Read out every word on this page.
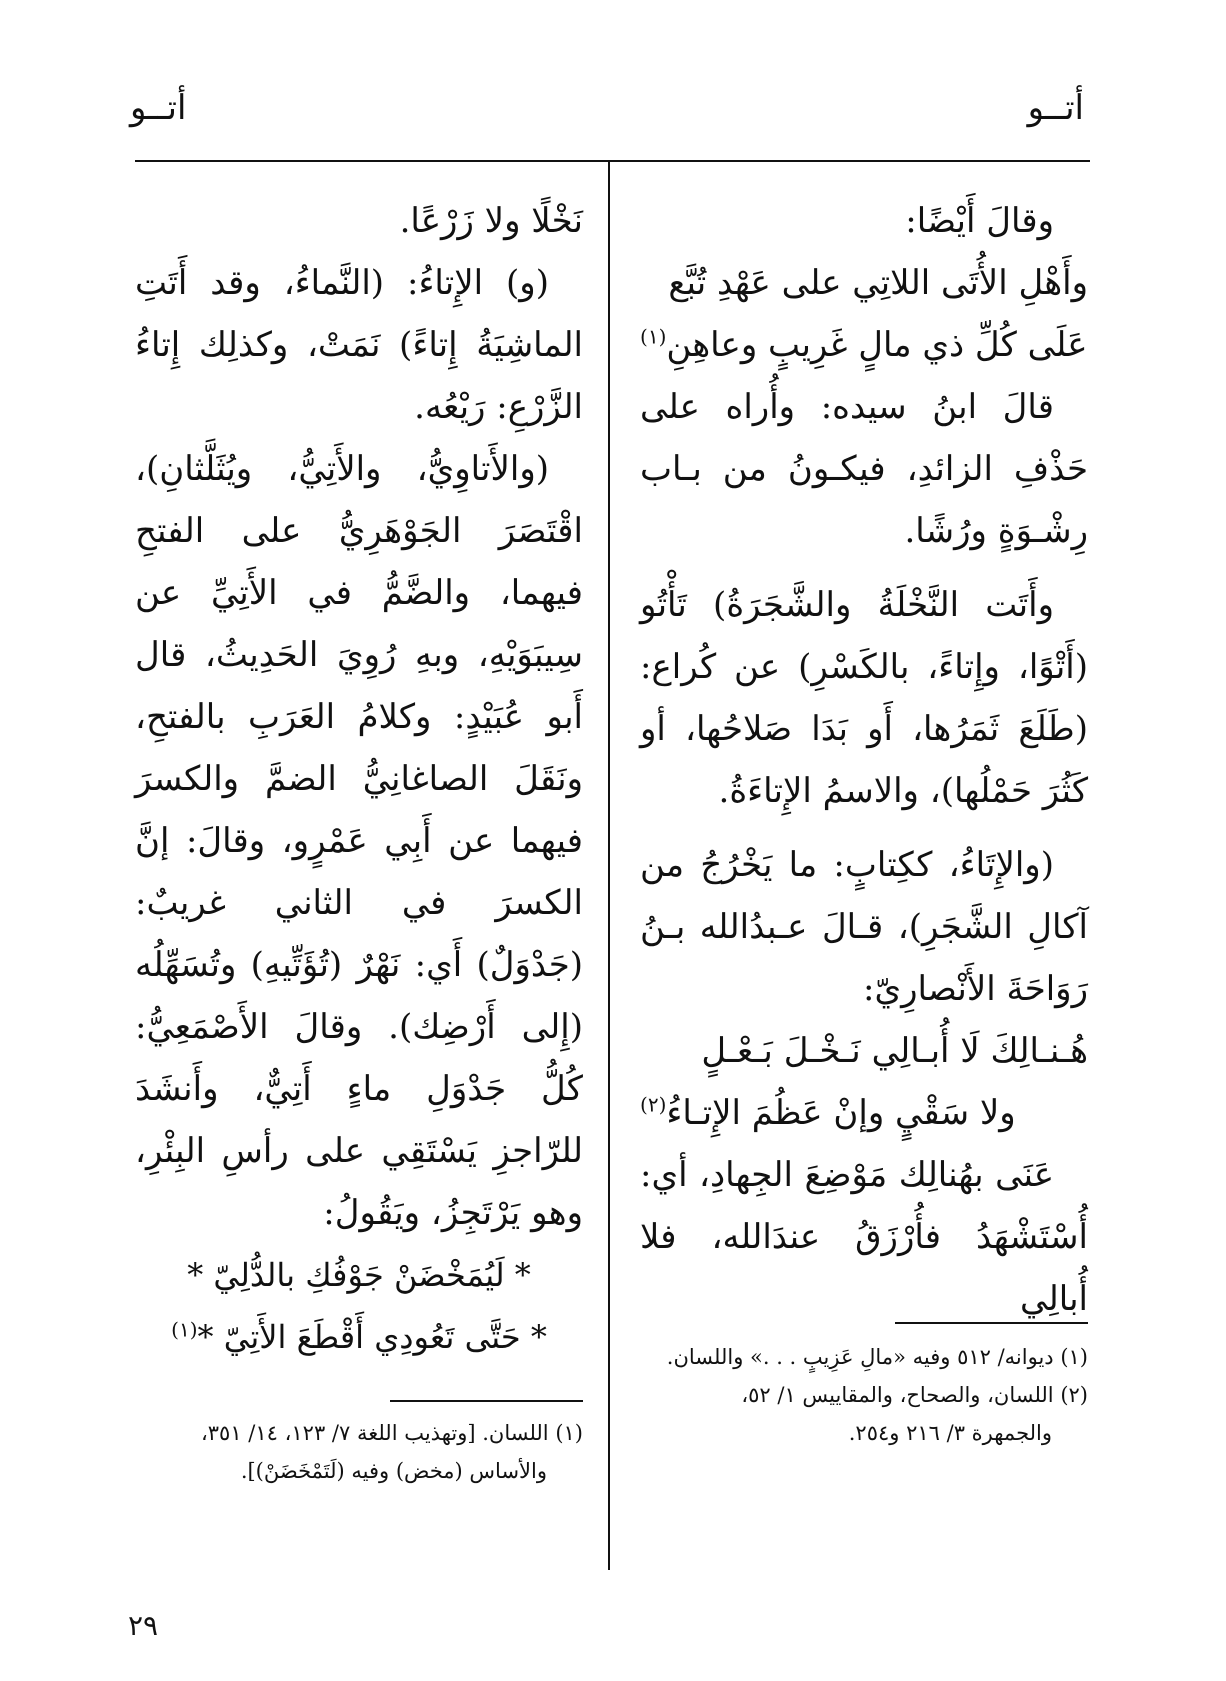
أتــو
أتــو

وقالَ أَيْضًا:

وأَهْلِ الأُتَى اللاتِي على عَهْدِ تُبَّع
عَلَى كُلِّ ذي مالٍ غَرِيبٍ وعاهِنِ$^{(١)}$

قالَ ابنُ سيده: وأُراه على حَذْفِ الزائدِ، فيكـونُ من بـاب رِشْـوَةٍ ورُشًا.

وأَتَت النَّخْلَةُ والشَّجَرَةُ) تَأْتُو (أَتْوًا، وإِتاءً، بالكَسْرِ) عن كُراع: (طَلَعَ ثَمَرُها، أَو بَدَا صَلاحُها، أو كَثُرَ حَمْلُها)، والاسمُ الإِتاءَةُ.

(والإِتَاءُ، ككِتابٍ: ما يَخْرُجُ من آكالِ الشَّجَرِ)، قـالَ عـبدُالله بـنُ رَوَاحَةَ الأَنْصارِيّ:

هُـنـالِكَ لَا أُبـالِي نَـخْـلَ بَـعْـلٍ
ولا سَقْيٍ وإنْ عَظُمَ الإِتـاءُ$^{(٢)}$

عَنَى بهُنالِك مَوْضِعَ الجِهادِ، أي: أُسْتَشْهَدُ فأُرْزَقُ عندَالله، فلا أُبالِي

نَخْلًا ولا زَرْعًا.

(و) الإِتاءُ: (النَّماءُ، وقد أَتَتِ الماشِيَةُ إِتاءً) نَمَتْ، وكذلِك إِتاءُ الزَّرْعِ: رَيْعُه.

(والأَتاوِيُّ، والأَتِيُّ، ويُثَلَّثانِ)، اقْتَصَرَ الجَوْهَرِيُّ على الفتحِ فيهما، والضَّمُّ في الأَتِيِّ عن سِيبَوَيْهِ، وبهِ رُوِيَ الحَدِيثُ، قال أَبو عُبَيْدٍ: وكلامُ العَرَبِ بالفتحِ، ونَقَلَ الصاغانِيُّ الضمَّ والكسرَ فيهما عن أَبِي عَمْرٍو، وقالَ: إنَّ الكسرَ في الثاني غريبٌ: (جَدْوَلٌ) أَي: نَهْرٌ (تُؤَتِّيهِ) وتُسَهِّلُه (إِلى أَرْضِك). وقالَ الأَصْمَعِيُّ: كُلُّ جَدْوَلِ ماءٍ أَتِيٌّ، وأَنشَدَ للرّاجزِ يَسْتَقِي على رأسِ البِئْرِ، وهو يَرْتَجِزُ، ويَقُولُ:

* لَيُمَخْضَنْ جَوْفُكِ بالدُّلِيّ *
* حَتَّى تَعُودِي أَقْطَعَ الأَتِيّ *$^{(١)}$

(١) ديوانه/ ٥١٢ وفيه «مالِ عَزِيبٍ . . .» واللسان.
(٢) اللسان، والصحاح، والمقاييس ١/ ٥٢،
والجمهرة ٣/ ٢١٦ و٢٥٤.
(١) اللسان. [وتهذيب اللغة ٧/ ١٢٣، ١٤/ ٣٥١،
والأساس (مخض) وفيه (لَتَمْخَضَنْ)].
٢٩
